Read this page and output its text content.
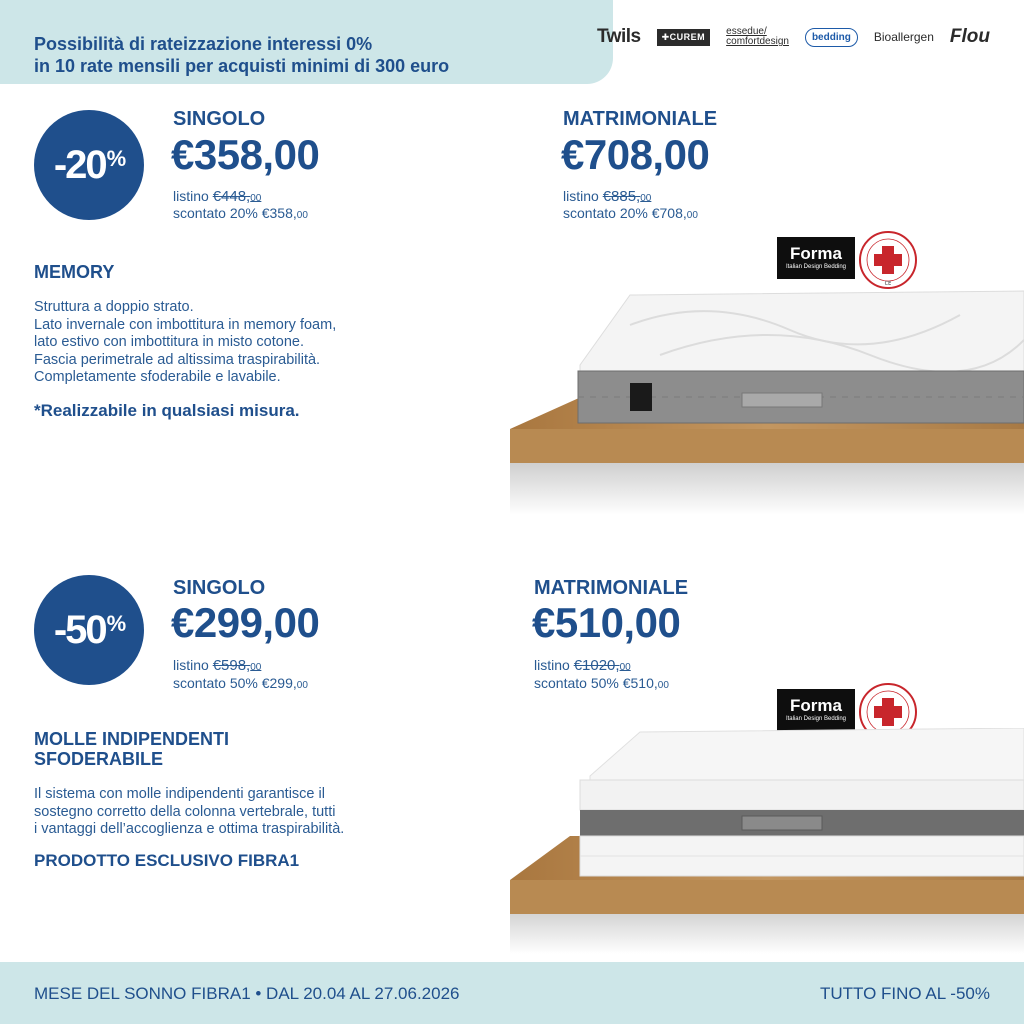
Possibilità di rateizzazione interessi 0%
in 10 rate mensili per acquisti minimi di 300 euro

Twils	✚CUREM	essedue/
comfortdesign	bedding	Bioallergen Flou
-20%

SINGOLO

€358,00

listino €448,00

scontato 20% €358,00

MATRIMONIALE

€708,00

listino €885,00

scontato 20% €708,00

MEMORY

Struttura a doppio strato.
Lato invernale con imbottitura in memory foam,
lato estivo con imbottitura in misto cotone.
Fascia perimetrale ad altissima traspirabilità.
Completamente sfoderabile e lavabile.

*Realizzabile in qualsiasi misura.

Forma
Italian Design Bedding
CE
-50%

SINGOLO

€299,00

listino €598,00

scontato 50% €299,00

MATRIMONIALE

€510,00

listino €1020,00

scontato 50% €510,00

MOLLE INDIPENDENTI
SFODERABILE

Il sistema con molle indipendenti garantisce il
sostegno corretto della colonna vertebrale, tutti
i vantaggi dell’accoglienza e ottima traspirabilità.

PRODOTTO ESCLUSIVO FIBRA1

Forma
Italian Design Bedding
MESE DEL SONNO FIBRA1 • DAL 20.04 AL 27.06.2026	TUTTO FINO AL -50%
